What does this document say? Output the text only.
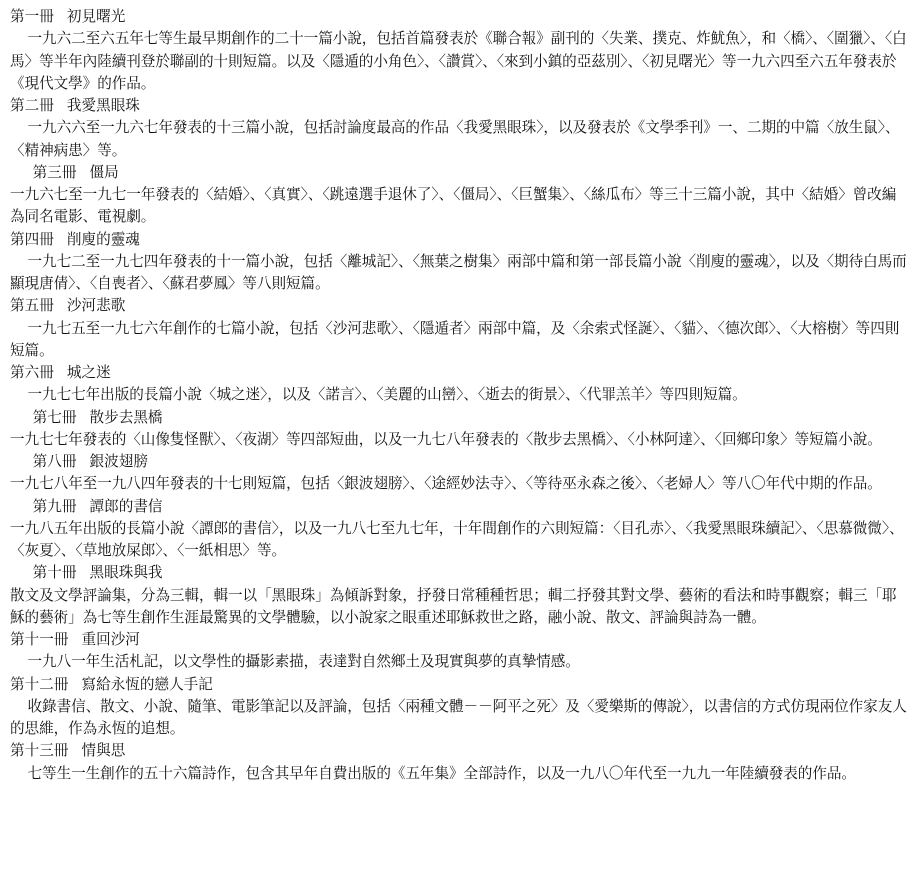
第一冊 初見曙光

一九六二至六五年七等生最早期創作的二十一篇小說，包括首篇發表於《聯合報》副刊的〈失業、撲克、炸魷魚〉，和〈橋〉、〈圍獵〉、〈白馬〉等半年內陸續刊登於聯副的十則短篇。以及〈隱遁的小角色〉、〈讚賞〉、〈來到小鎮的亞茲別〉、〈初見曙光〉等一九六四至六五年發表於《現代文學》的作品。

第二冊 我愛黑眼珠

一九六六至一九六七年發表的十三篇小說，包括討論度最高的作品〈我愛黑眼珠〉，以及發表於《文學季刊》一、二期的中篇〈放生鼠〉、〈精神病患〉等。

第三冊 僵局

一九六七至一九七一年發表的〈結婚〉、〈真實〉、〈跳遠選手退休了〉、〈僵局〉、〈巨蟹集〉、〈絲瓜布〉等三十三篇小說，其中〈結婚〉曾改編為同名電影、電視劇。

第四冊 削廋的靈魂

一九七二至一九七四年發表的十一篇小說，包括〈離城記〉、〈無葉之樹集〉兩部中篇和第一部長篇小說〈削廋的靈魂〉，以及〈期待白馬而顯現唐倩〉、〈自喪者〉、〈蘇君夢鳳〉等八則短篇。

第五冊 沙河悲歌

一九七五至一九七六年創作的七篇小說，包括〈沙河悲歌〉、〈隱遁者〉兩部中篇，及〈余索式怪誕〉、〈貓〉、〈德次郎〉、〈大榕樹〉等四則短篇。

第六冊 城之迷

一九七七年出版的長篇小說〈城之迷〉，以及〈諾言〉、〈美麗的山巒〉、〈逝去的街景〉、〈代罪羔羊〉等四則短篇。

第七冊 散步去黑橋

一九七七年發表的〈山像隻怪獸〉、〈夜湖〉等四部短曲，以及一九七八年發表的〈散步去黑橋〉、〈小林阿達〉、〈回鄉印象〉等短篇小說。

第八冊 銀波翅膀

一九七八年至一九八四年發表的十七則短篇，包括〈銀波翅膀〉、〈途經妙法寺〉、〈等待巫永森之後〉、〈老婦人〉等八〇年代中期的作品。

第九冊 譚郎的書信

一九八五年出版的長篇小說〈譚郎的書信〉，以及一九八七至九七年，十年間創作的六則短篇：〈目孔赤〉、〈我愛黑眼珠續記〉、〈思慕微微〉、〈灰夏〉、〈草地放屎郎〉、〈一紙相思〉等。

第十冊 黑眼珠與我

散文及文學評論集，分為三輯，輯一以「黑眼珠」為傾訴對象，抒發日常種種哲思；輯二抒發其對文學、藝術的看法和時事觀察；輯三「耶穌的藝術」為七等生創作生涯最驚異的文學體驗，以小說家之眼重述耶穌救世之路，融小說、散文、評論與詩為一體。

第十一冊 重回沙河

一九八一年生活札記，以文學性的攝影素描，表達對自然鄉土及現實與夢的真摯情感。

第十二冊 寫給永恆的戀人手記

收錄書信、散文、小說、隨筆、電影筆記以及評論，包括〈兩種文體－－阿平之死〉及〈愛樂斯的傳說〉，以書信的方式仿現兩位作家友人的思維，作為永恆的追想。

第十三冊 情與思

七等生一生創作的五十六篇詩作，包含其早年自費出版的《五年集》全部詩作，以及一九八〇年代至一九九一年陸續發表的作品。
